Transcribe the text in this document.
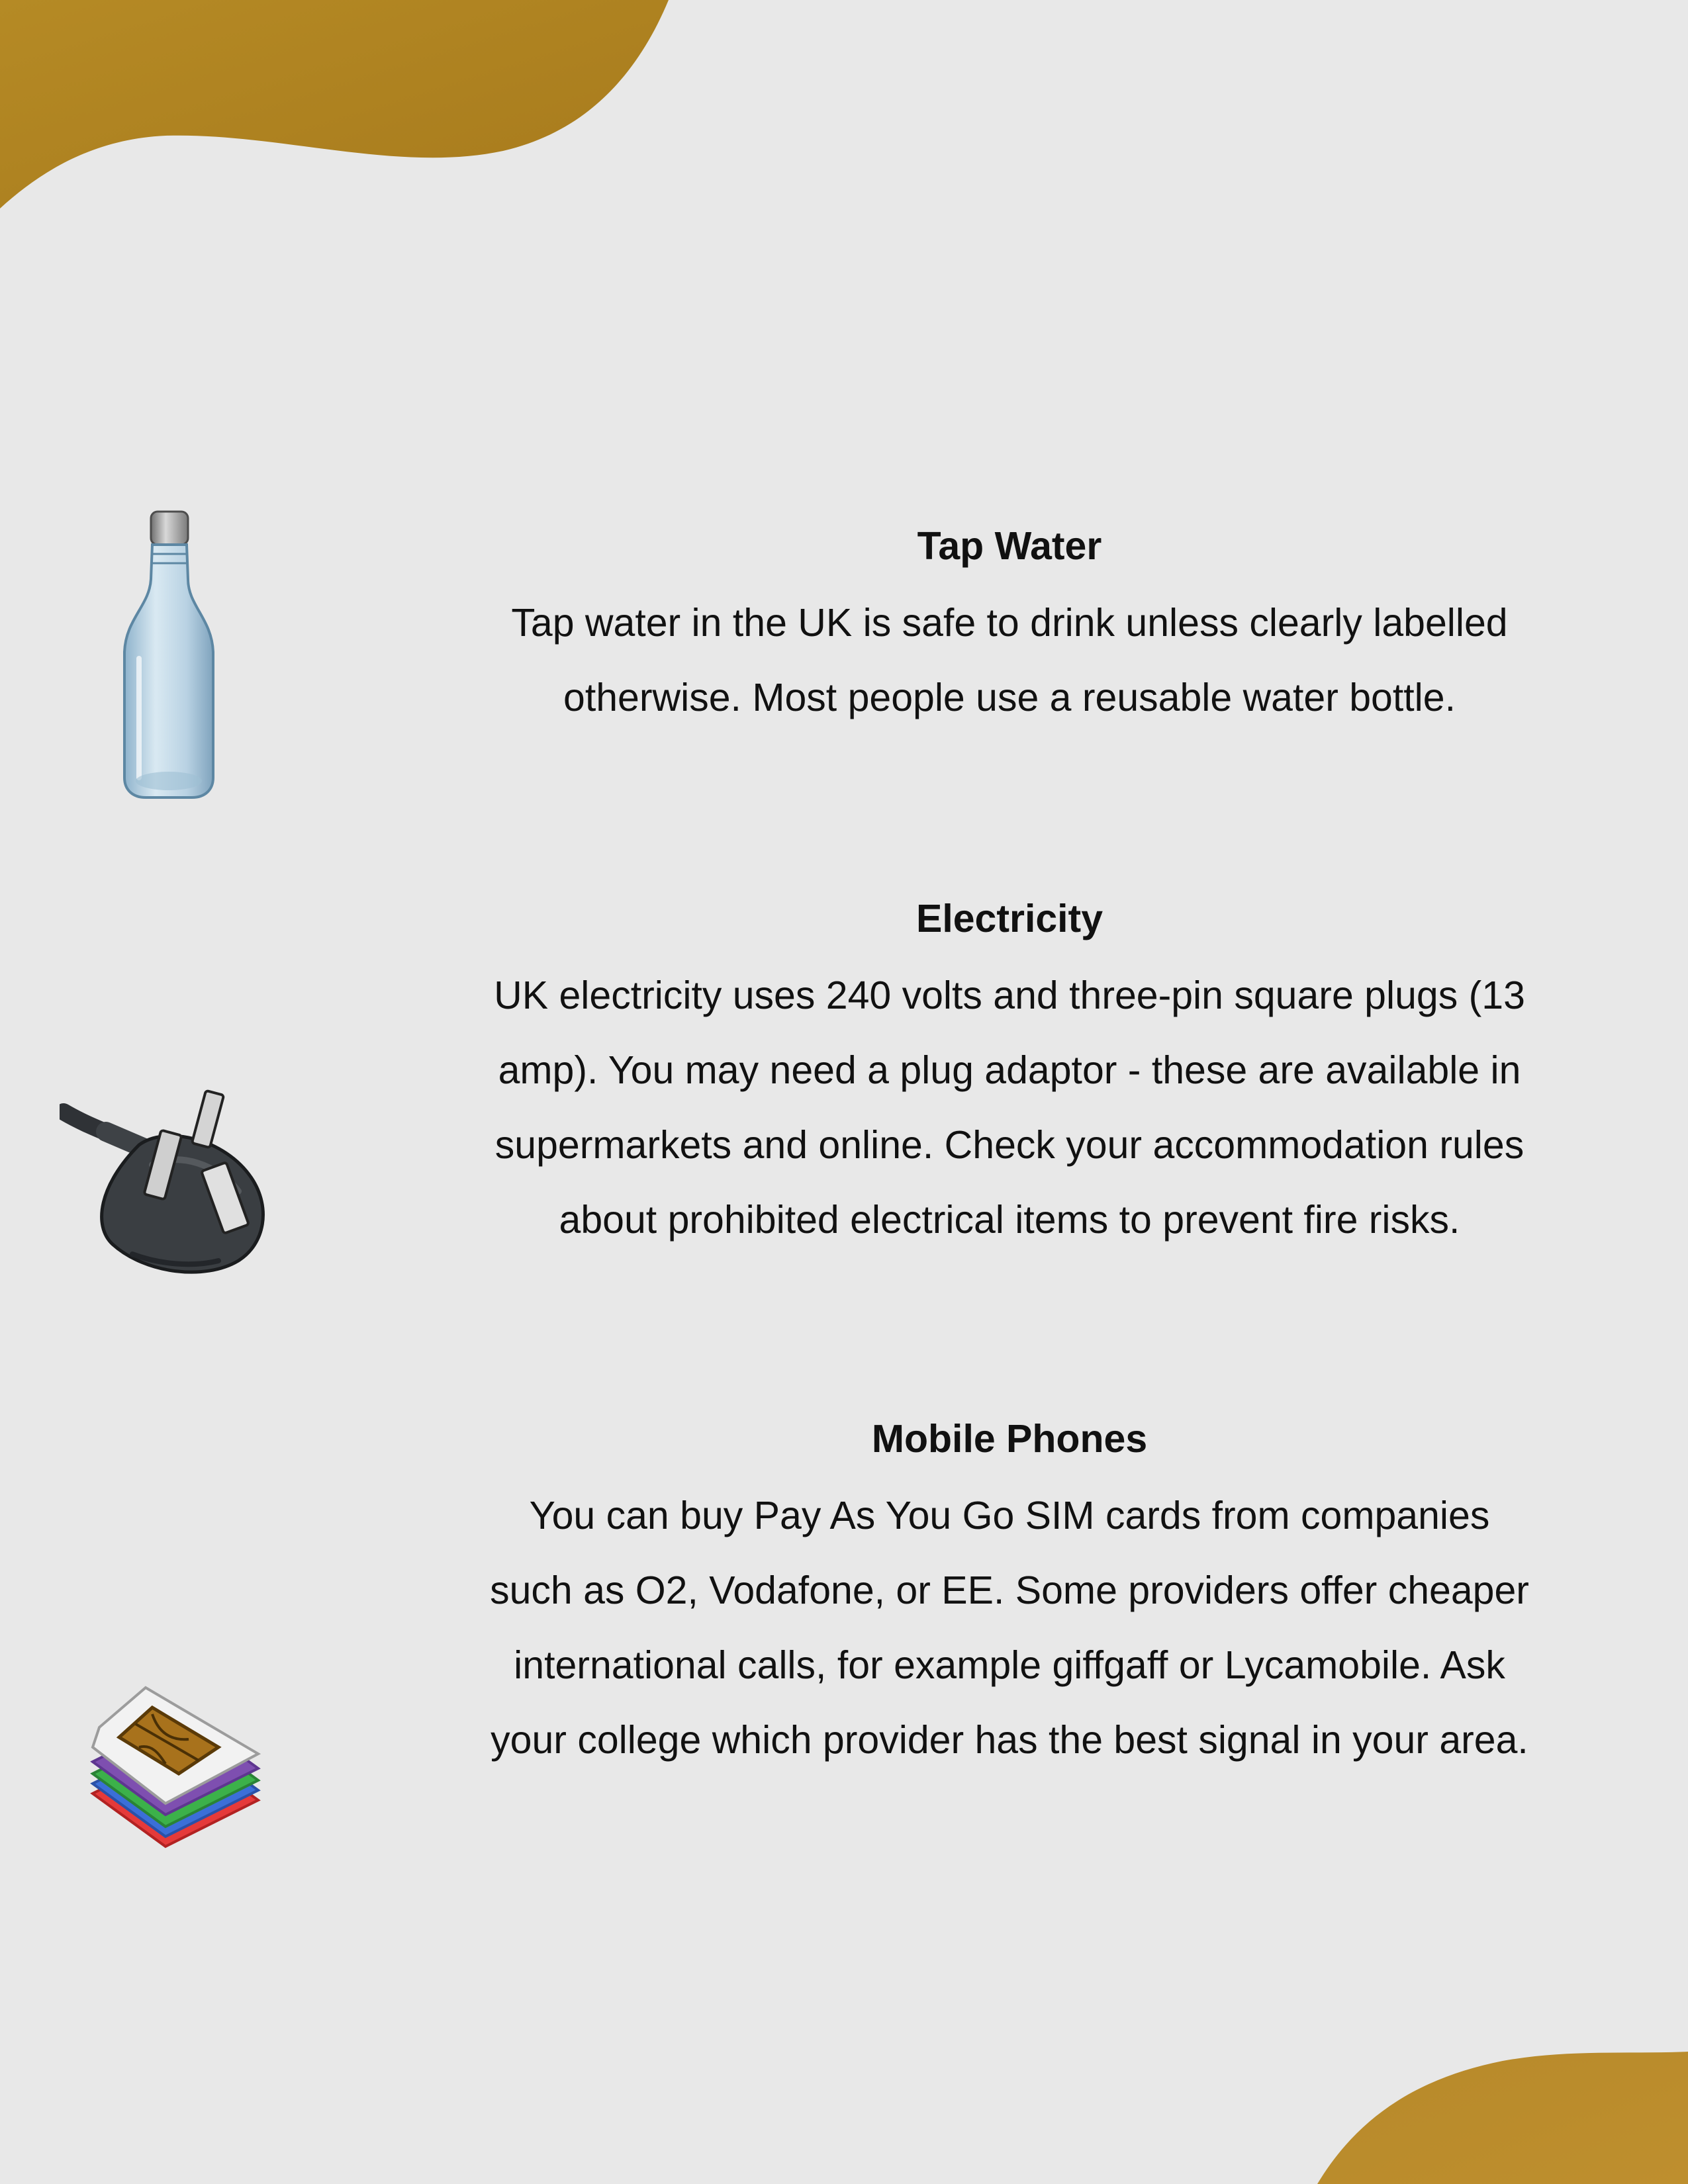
Tap Water

Tap water in the UK is safe to drink unless clearly labelled otherwise. Most people use a reusable water bottle.

Electricity

UK electricity uses 240 volts and three-pin square plugs (13 amp). You may need a plug adaptor - these are available in supermarkets and online. Check your accommodation rules about prohibited electrical items to prevent fire risks.

Mobile Phones

You can buy Pay As You Go SIM cards from companies such as O2, Vodafone, or EE. Some providers offer cheaper international calls, for example giffgaff or Lycamobile. Ask your college which provider has the best signal in your area.
